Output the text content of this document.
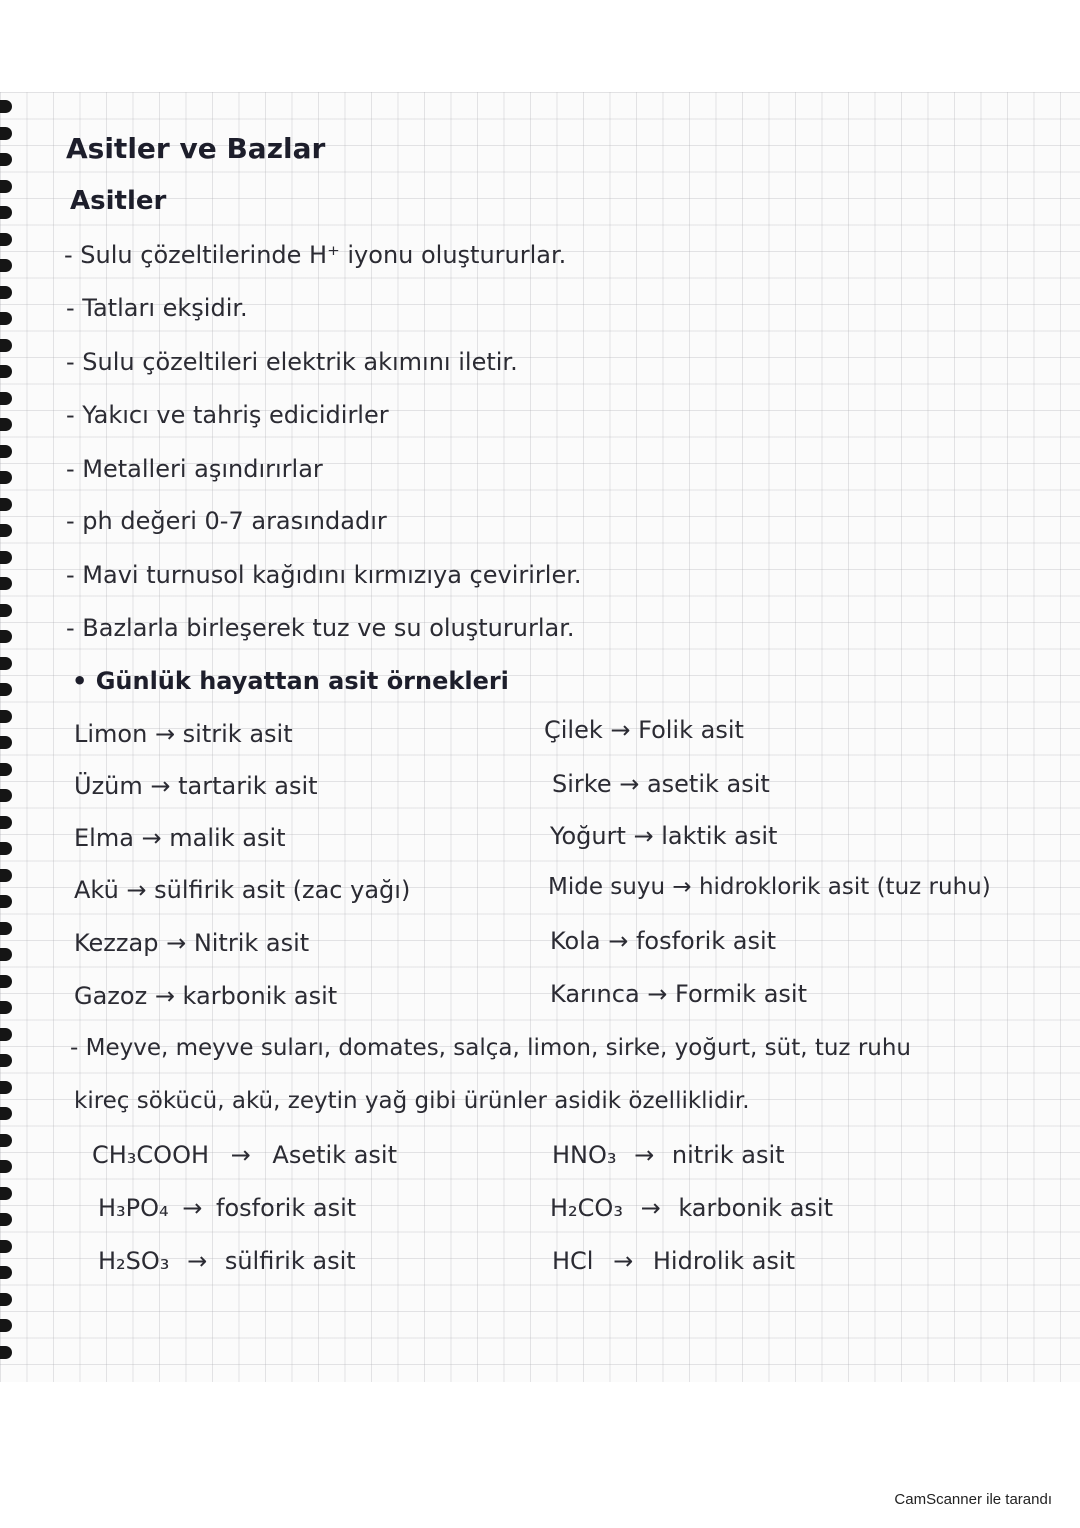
Asitler ve Bazlar
Asitler
- Sulu çözeltilerinde H⁺ iyonu oluştururlar.
- Tatları ekşidir.
- Sulu çözeltileri elektrik akımını iletir.
- Yakıcı ve tahriş edicidirler
- Metalleri aşındırırlar
- ph değeri 0-7 arasındadır
- Mavi turnusol kağıdını kırmızıya çevirirler.
- Bazlarla birleşerek tuz ve su oluştururlar.
• Günlük hayattan asit örnekleri
Limon → sitrik asit	Çilek → Folik asit
Üzüm → tartarik asit	Sirke → asetik asit
Elma → malik asit	Yoğurt → laktik asit
Akü → sülfirik asit (zac yağı)	Mide suyu → hidroklorik asit (tuz ruhu)
Kezzap → Nitrik asit	Kola → fosforik asit
Gazoz → karbonik asit	Karınca → Formik asit
- Meyve, meyve suları, domates, salça, limon, sirke, yoğurt, süt, tuz ruhu
kireç sökücü, akü, zeytin yağ gibi ürünler asidik özelliklidir.
CH₃COOH → Asetik asit	HNO₃ → nitrik asit
H₃PO₄ → fosforik asit	H₂CO₃ → karbonik asit
H₂SO₃ → sülfirik asit	HCl → Hidrolik asit
CamScanner ile tarandı
